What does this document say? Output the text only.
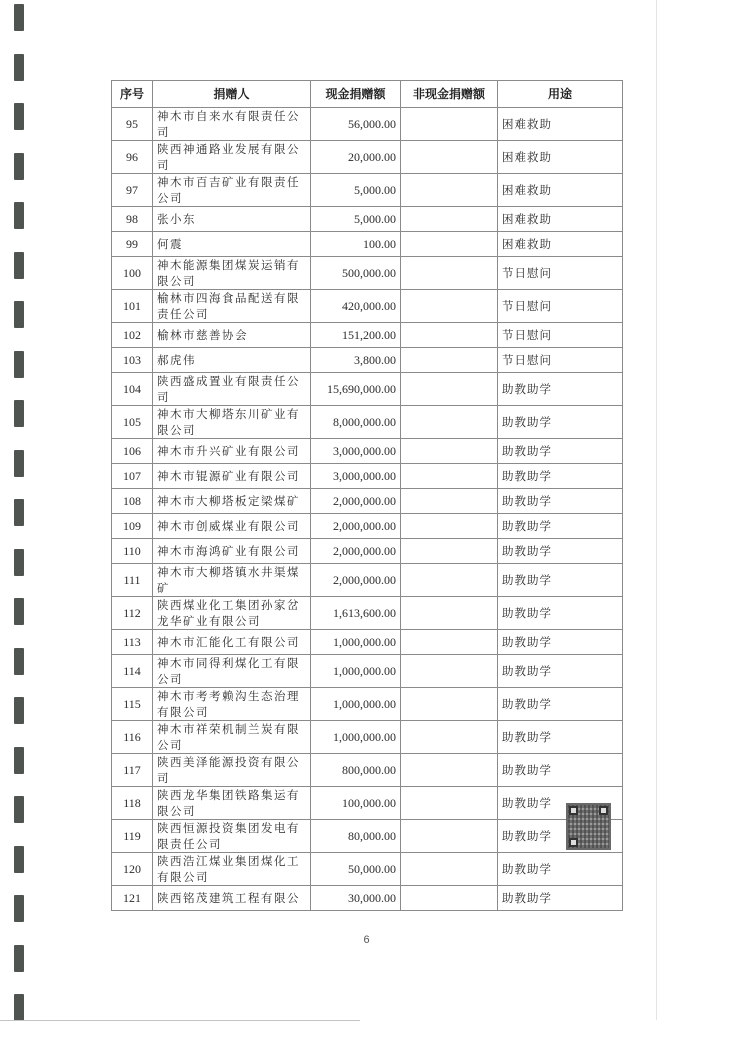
序号	捐赠人	现金捐赠额	非现金捐赠额	用途
95	神木市自来水有限责任公司	56,000.00		困难救助
96	陕西神通路业发展有限公司	20,000.00		困难救助
97	神木市百吉矿业有限责任公司	5,000.00		困难救助
98	张小东	5,000.00		困难救助
99	何震	100.00		困难救助
100	神木能源集团煤炭运销有限公司	500,000.00		节日慰问
101	榆林市四海食品配送有限责任公司	420,000.00		节日慰问
102	榆林市慈善协会	151,200.00		节日慰问
103	郝虎伟	3,800.00		节日慰问
104	陕西盛成置业有限责任公司	15,690,000.00		助教助学
105	神木市大柳塔东川矿业有限公司	8,000,000.00		助教助学
106	神木市升兴矿业有限公司	3,000,000.00		助教助学
107	神木市锟源矿业有限公司	3,000,000.00		助教助学
108	神木市大柳塔板定梁煤矿	2,000,000.00		助教助学
109	神木市创威煤业有限公司	2,000,000.00		助教助学
110	神木市海鸿矿业有限公司	2,000,000.00		助教助学
111	神木市大柳塔镇水井渠煤矿	2,000,000.00		助教助学
112	陕西煤业化工集团孙家岔龙华矿业有限公司	1,613,600.00		助教助学
113	神木市汇能化工有限公司	1,000,000.00		助教助学
114	神木市同得利煤化工有限公司	1,000,000.00		助教助学
115	神木市考考赖沟生态治理有限公司	1,000,000.00		助教助学
116	神木市祥荣机制兰炭有限公司	1,000,000.00		助教助学
117	陕西美泽能源投资有限公司	800,000.00		助教助学
118	陕西龙华集团铁路集运有限公司	100,000.00		助教助学
119	陕西恒源投资集团发电有限责任公司	80,000.00		助教助学
120	陕西浩江煤业集团煤化工有限公司	50,000.00		助教助学
121	陕西铭茂建筑工程有限公	30,000.00		助教助学
6
